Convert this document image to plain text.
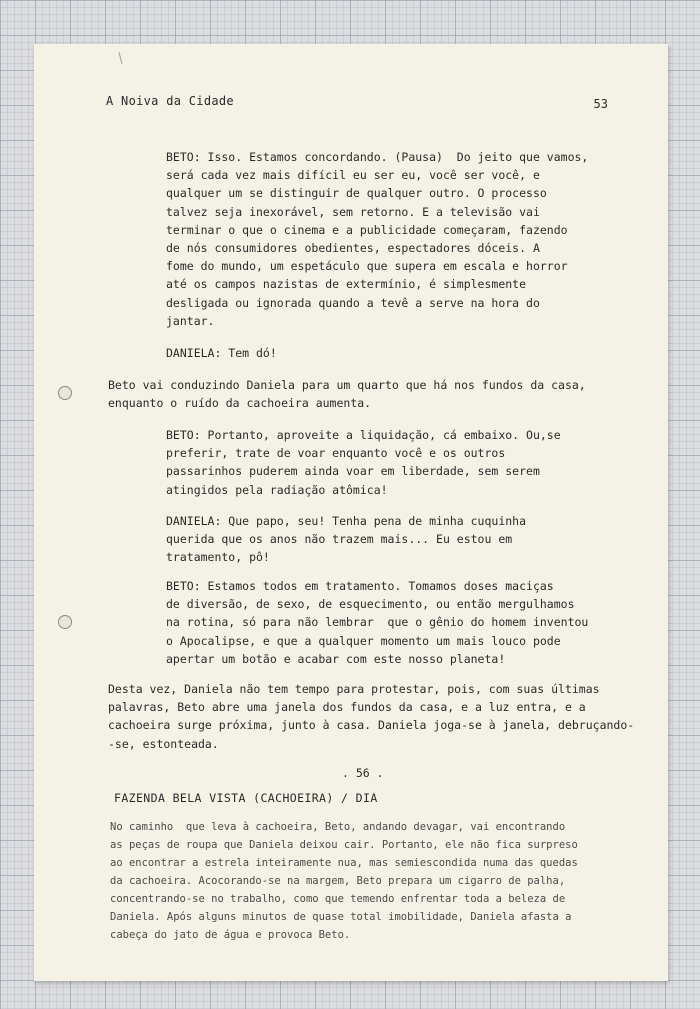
A Noiva da Cidade	53
BETO: Isso. Estamos concordando. (Pausa)  Do jeito que vamos,
será cada vez mais difícil eu ser eu, você ser você, e
qualquer um se distinguir de qualquer outro. O processo
talvez seja inexorável, sem retorno. E a televisão vai
terminar o que o cinema e a publicidade começaram, fazendo
de nós consumidores obedientes, espectadores dóceis. A
fome do mundo, um espetáculo que supera em escala e horror
até os campos nazistas de extermínio, é simplesmente
desligada ou ignorada quando a tevê a serve na hora do
jantar.
DANIELA: Tem dó!
Beto vai conduzindo Daniela para um quarto que há nos fundos da casa,
enquanto o ruído da cachoeira aumenta.
BETO: Portanto, aproveite a liquidação, cá embaixo. Ou,se
preferir, trate de voar enquanto você e os outros
passarinhos puderem ainda voar em liberdade, sem serem
atingidos pela radiação atômica!
DANIELA: Que papo, seu! Tenha pena de minha cuquinha
querida que os anos não trazem mais... Eu estou em
tratamento, pô!
BETO: Estamos todos em tratamento. Tomamos doses maciças
de diversão, de sexo, de esquecimento, ou então mergulhamos
na rotina, só para não lembrar  que o gênio do homem inventou
o Apocalipse, e que a qualquer momento um mais louco pode
apertar um botão e acabar com este nosso planeta!
Desta vez, Daniela não tem tempo para protestar, pois, com suas últimas
palavras, Beto abre uma janela dos fundos da casa, e a luz entra, e a
cachoeira surge próxima, junto à casa. Daniela joga-se à janela, debruçando-
-se, estonteada.
. 56 .
FAZENDA BELA VISTA (CACHOEIRA) / DIA
No caminho  que leva à cachoeira, Beto, andando devagar, vai encontrando
as peças de roupa que Daniela deixou cair. Portanto, ele não fica surpreso
ao encontrar a estrela inteiramente nua, mas semiescondida numa das quedas
da cachoeira. Acocorando-se na margem, Beto prepara um cigarro de palha,
concentrando-se no trabalho, como que temendo enfrentar toda a beleza de
Daniela. Após alguns minutos de quase total imobilidade, Daniela afasta a
cabeça do jato de água e provoca Beto.
